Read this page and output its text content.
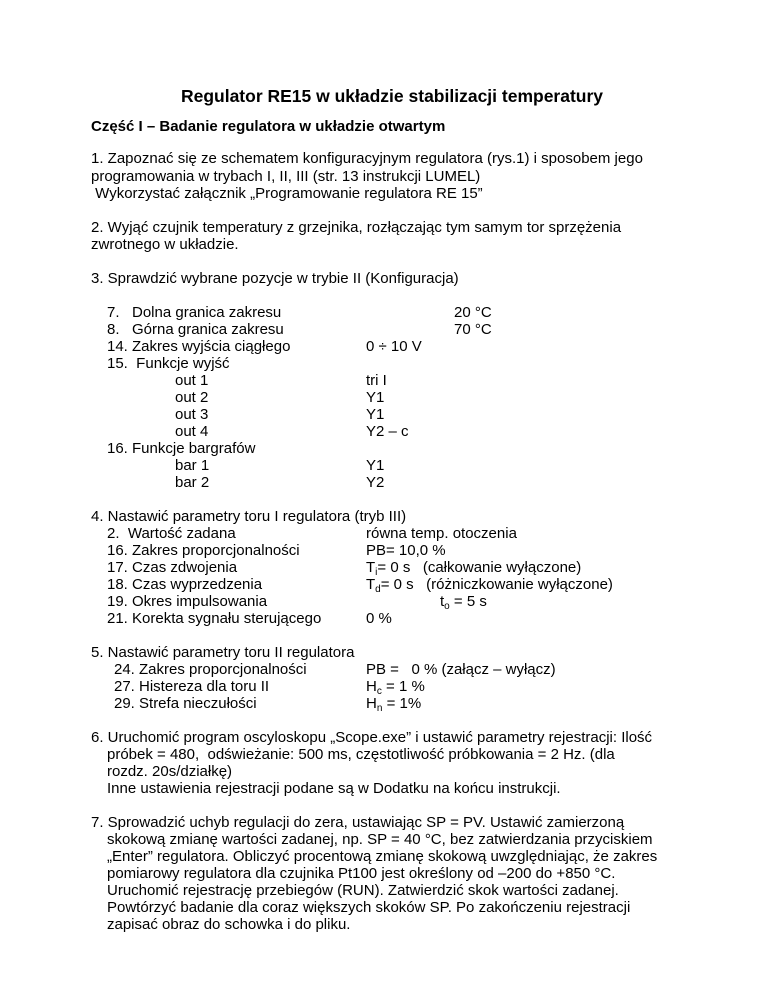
Regulator RE15 w układzie stabilizacji temperatury
Część I – Badanie regulatora w układzie otwartym
1. Zapoznać się ze schematem konfiguracyjnym regulatora (rys.1) i sposobem jego
programowania w trybach I, II, III (str. 13 instrukcji LUMEL)
Wykorzystać załącznik „Programowanie regulatora RE 15”
2. Wyjąć czujnik temperatury z grzejnika, rozłączając tym samym tor sprzężenia
zwrotnego w układzie.
3. Sprawdzić wybrane pozycje w trybie II (Konfiguracja)
7.   Dolna granica zakresu	20 °C
8.   Górna granica zakresu	70 °C
14. Zakres wyjścia ciągłego	0 ÷ 10 V
15.  Funkcje wyjść
out 1	tri I
out 2	Y1
out 3	Y1
out 4	Y2 – c
16. Funkcje bargrafów
bar 1	Y1
bar 2	Y2
4. Nastawić parametry toru I regulatora (tryb III)
2.  Wartość zadana	równa temp. otoczenia
16. Zakres proporcjonalności	PB= 10,0 %
17. Czas zdwojenia	$T_i= 0$ s   (całkowanie wyłączone)
18. Czas wyprzedzenia	$T_d= 0$ s   (różniczkowanie wyłączone)
19. Okres impulsowania	$t_o = 5$ s
21. Korekta sygnału sterującego	0 %
5. Nastawić parametry toru II regulatora
24. Zakres proporcjonalności	PB =   0 % (załącz – wyłącz)
27. Histereza dla toru II	$H_c = 1$ %
29. Strefa nieczułości	$H_n = 1\%$
6. Uruchomić program oscyloskopu „Scope.exe” i ustawić parametry rejestracji: Ilość
próbek = 480,  odświeżanie: 500 ms, częstotliwość próbkowania = 2 Hz. (dla
rozdz. 20s/działkę)
Inne ustawienia rejestracji podane są w Dodatku na końcu instrukcji.
7. Sprowadzić uchyb regulacji do zera, ustawiając SP = PV. Ustawić zamierzoną
skokową zmianę wartości zadanej, np. SP = 40 °C, bez zatwierdzania przyciskiem
„Enter” regulatora. Obliczyć procentową zmianę skokową uwzględniając, że zakres
pomiarowy regulatora dla czujnika Pt100 jest określony od –200 do +850 °C.
Uruchomić rejestrację przebiegów (RUN). Zatwierdzić skok wartości zadanej.
Powtórzyć badanie dla coraz większych skoków SP. Po zakończeniu rejestracji
zapisać obraz do schowka i do pliku.
